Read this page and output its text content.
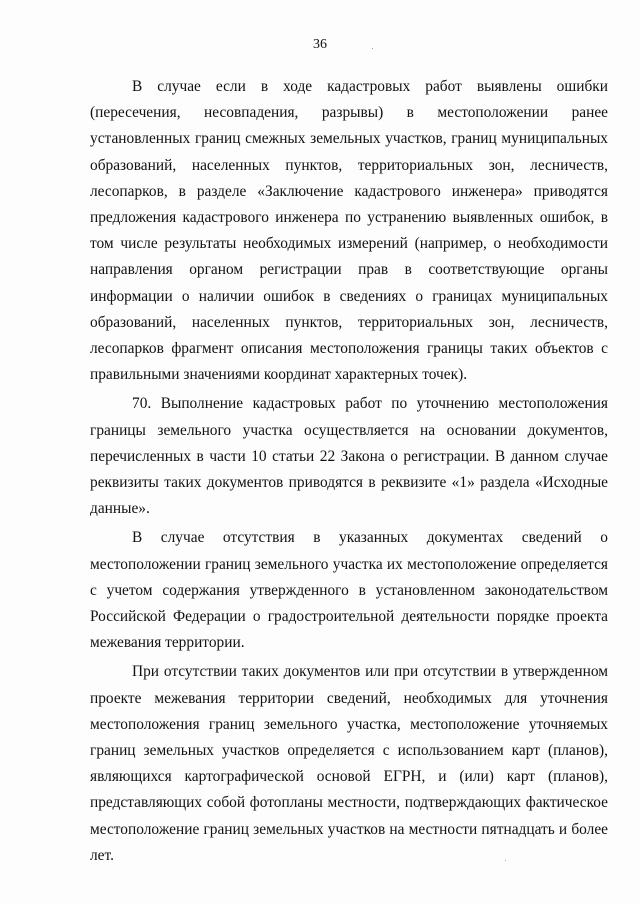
36

В случае если в ходе кадастровых работ выявлены ошибки (пересечения, несовпадения, разрывы) в местоположении ранее установленных границ смежных земельных участков, границ муниципальных образований, населенных пунктов, территориальных зон, лесничеств, лесопарков, в разделе «Заключение кадастрового инженера» приводятся предложения кадастрового инженера по устранению выявленных ошибок, в том числе результаты необходимых измерений (например, о необходимости направления органом регистрации прав в соответствующие органы информации о наличии ошибок в сведениях о границах муниципальных образований, населенных пунктов, территориальных зон, лесничеств, лесопарков фрагмент описания местоположения границы таких объектов с правильными значениями координат характерных точек).

70. Выполнение кадастровых работ по уточнению местоположения границы земельного участка осуществляется на основании документов, перечисленных в части 10 статьи 22 Закона о регистрации. В данном случае реквизиты таких документов приводятся в реквизите «1» раздела «Исходные данные».

В случае отсутствия в указанных документах сведений о местоположении границ земельного участка их местоположение определяется с учетом содержания утвержденного в установленном законодательством Российской Федерации о градостроительной деятельности порядке проекта межевания территории.

При отсутствии таких документов или при отсутствии в утвержденном проекте межевания территории сведений, необходимых для уточнения местоположения границ земельного участка, местоположение уточняемых границ земельных участков определяется с использованием карт (планов), являющихся картографической основой ЕГРН, и (или) карт (планов), представляющих собой фотопланы местности, подтверждающих фактическое местоположение границ земельных участков на местности пятнадцать и более лет.
